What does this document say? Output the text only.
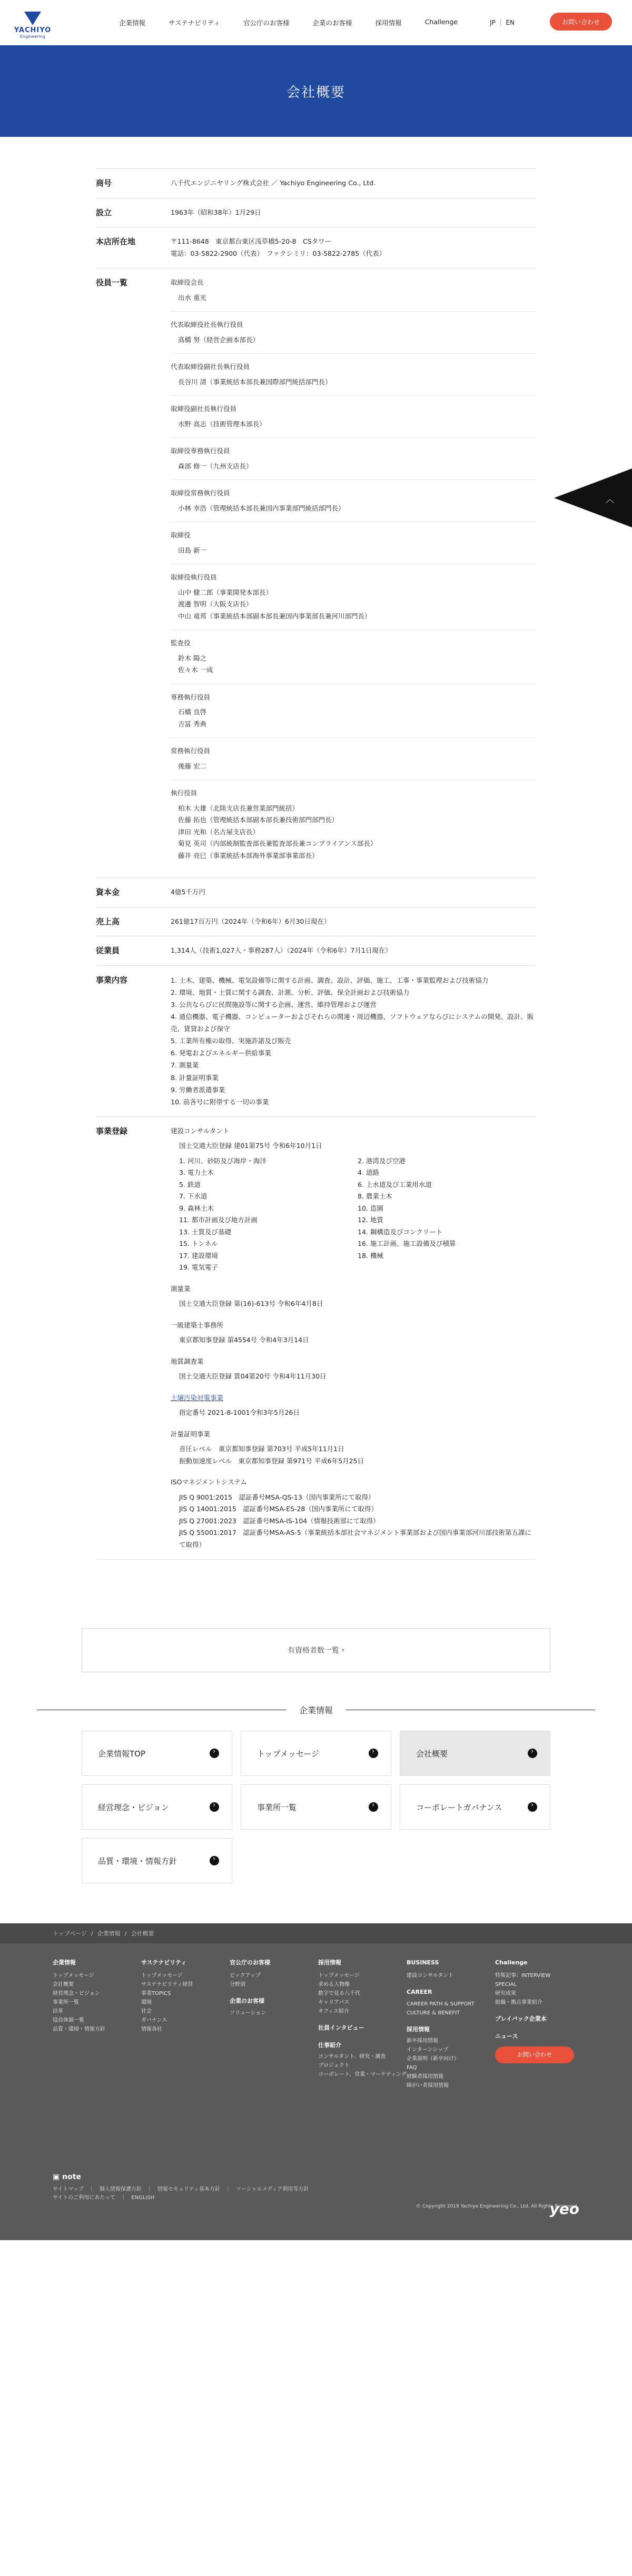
YACHIYO
Engineering
企業情報	サステナビリティ	官公庁のお客様	企業のお客様	採用情報	Challenge	JP ｜ EN	お問い合わせ
会社概要
商号	八千代エンジニヤリング株式会社 ／ Yachiyo Engineering Co., Ltd.
設立	1963年（昭和38年）1月29日
本店所在地	〒111-8648　東京都台東区浅草橋5-20-8　CSタワー
電話：03-5822-2900（代表）　ファクシミリ：03-5822-2785（代表）
役員一覧	取締役会長
出水 重光
代表取締役社長執行役員
高橋 努（経営企画本部長）
代表取締役副社長執行役員
長谷川 清（事業統括本部長兼国際部門統括部門長）
取締役副社長執行役員
水野 高志（技術管理本部長）
取締役専務執行役員
森部 修一（九州支店長）
取締役常務執行役員
小林 幸浩（管理統括本部長兼国内事業部門統括部門長）
取締役
田島 新一
取締役執行役員
山中 健二郎（事業開発本部長）
渡邊 智明（大阪支店長）
中山 竜邦（事業統括本部副本部長兼国内事業部長兼河川部門長）
監査役
鈴木 陽之
佐々木 一成
専務執行役員
石橋 良啓
吉冨 秀典
常務執行役員
後藤 宏二
執行役員
柏木 大雄（北陸支店長兼営業部門統括）
佐藤 拓也（管理統括本部副本部長兼技術部門部門長）
津田 光和（名古屋支店長）
菊見 英司（内部統制監査部長兼監査部長兼コンプライアンス部長）
藤井 亮巳（事業統括本部海外事業部事業部長）
資本金	4億5千万円
売上高	261億17百万円（2024年（令和6年）6月30日現在）
従業員	1,314人（技術1,027人・事務287人）（2024年（令和6年）7月1日現在）
事業内容	1. 土木、建築、機械、電気設備等に関する計画、調査、設計、評価、施工、工事・事業監理および技術協力
2. 環境、地質・土質に関する調査、計測、分析、評価、保全計画および技術協力
3. 公共ならびに民間施設等に関する企画、運営、維持管理および運営
4. 通信機器、電子機器、コンピューターおよびそれらの関連・周辺機器、ソフトウェアならびにシステムの開発、設計、販売、賃貸および保守
5. 工業所有権の取得、実施許諾及び販売
6. 発電およびエネルギー供給事業
7. 測量業
8. 計量証明事業
9. 労働者派遣事業
10. 前各号に附帯する一切の事業
事業登録	建設コンサルタント
国土交通大臣登録 建01第75号 令和6年10月1日
1. 河川、砂防及び海岸・海洋	2. 港湾及び空港
3. 電力土木	4. 道路
5. 鉄道	6. 上水道及び工業用水道
7. 下水道	8. 農業土木
9. 森林土木	10. 造園
11. 都市計画及び地方計画	12. 地質
13. 土質及び基礎	14. 鋼構造及びコンクリート
15. トンネル	16. 施工計画、施工設備及び積算
17. 建設環境	18. 機械
19. 電気電子
測量業
国土交通大臣登録 第(16)-613号 令和6年4月8日
一級建築士事務所
東京都知事登録 第4554号 令和4年3月14日
地質調査業
国土交通大臣登録 質04第20号 令和4年11月30日
土壌汚染対策事業
指定番号 2021-8-1001令和3年5月26日
計量証明事業
音圧レベル　東京都知事登録 第703号 平成5年11月1日
振動加速度レベル　東京都知事登録 第971号 平成6年5月25日
ISOマネジメントシステム
JIS Q 9001:2015　認証番号MSA-QS-13（国内事業所にて取得）
JIS Q 14001:2015　認証番号MSA-ES-28（国内事業所にて取得）
JIS Q 27001:2023　認証番号MSA-IS-104（情報技術部にて取得）
JIS Q 55001:2017　認証番号MSA-AS-5（事業統括本部社会マネジメント事業部および国内事業部河川部技術第五課にて取得）
︿
有資格者数一覧
›
企業情報
企業情報TOP ›	トップメッセージ ›	会社概要
›
経営理念・ビジョン ›	事業所一覧 ›	コーポレートガバナンス
›
品質・環境・情報方針
›
トップページ / 企業情報 / 会社概要
企業情報
トップメッセージ
会社概要
経営理念・ビジョン
事業所一覧
沿革
役員体制一覧
品質・環境・情報方針
サステナビリティ
トップメッセージ
サステナビリティ経営
事業TOPICS
環境
社会
ガバナンス
情報各社
官公庁のお客様
ピックアップ
分野別
企業のお客様
ソリューション
採用情報
トップメッセージ
求める人物像
数字で見る八千代
キャリアパス
オフィス紹介
社員インタビュー
仕事紹介
コンサルタント、研究・調査
プロジェクト
コーポレート、営業・マーケティング
BUSINESS
建設コンサルタント
CAREER
CAREER PATH & SUPPORT
CULTURE & BENEFIT
採用情報
新卒採用情報
インターンシップ
企業説明（新卒向け）
FAQ
経験者採用情報
障がい者採用情報
Challenge
特集記事：INTERVIEW
SPECIAL
研究成果
組織・拠点事業紹介
プレイバック企業本
ニュース
お問い合わせ
▣ note
サイトマップ　｜　個人情報保護方針　｜　情報セキュリティ基本方針　｜　ソーシャルメディア利用等方針
サイトのご利用にあたって　｜　ENGLISH
© Copyright 2019 Yachiyo Engineering Co., Ltd. All Rights Reserved.
yeo
